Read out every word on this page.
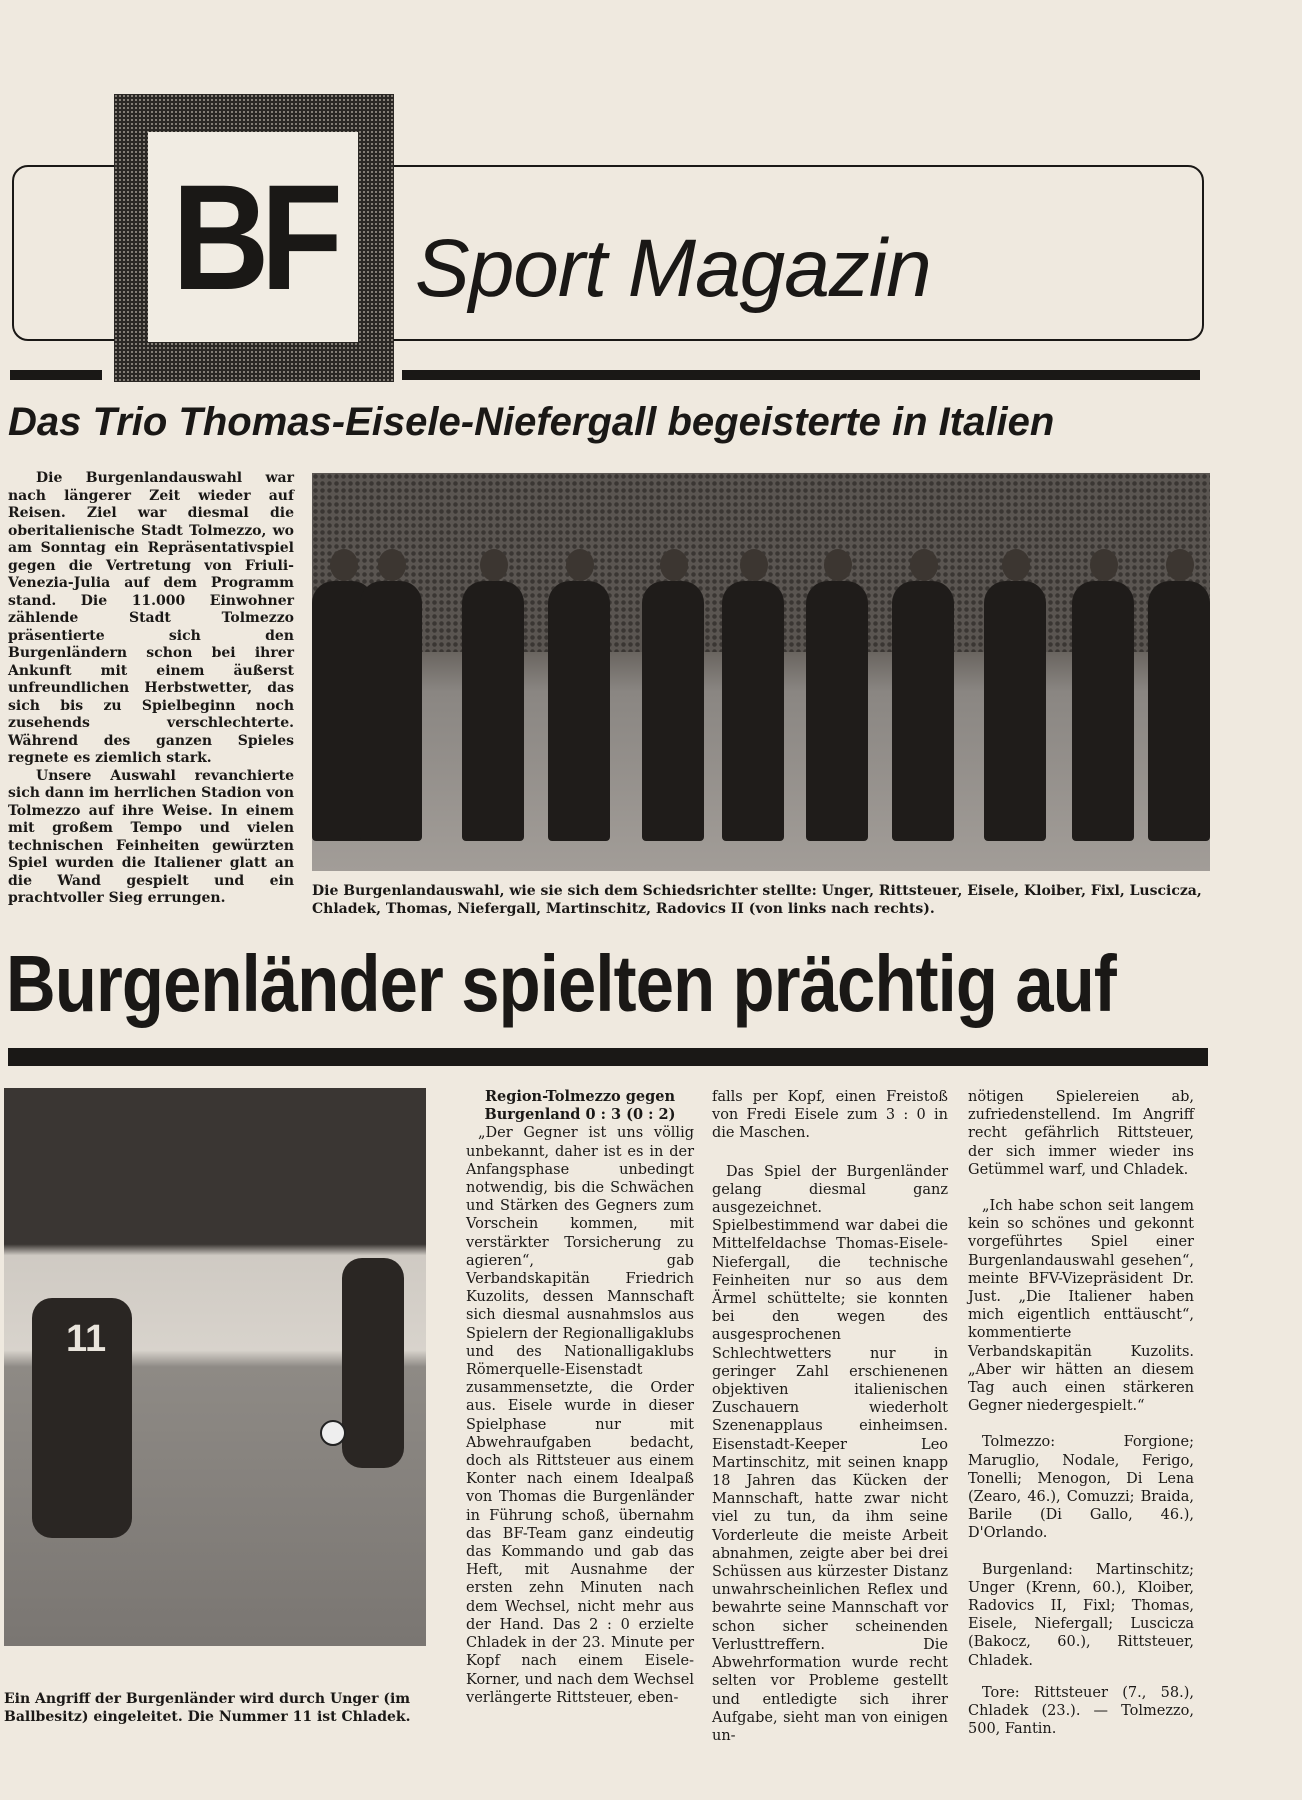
BF Sport Magazin
Das Trio Thomas-Eisele-Niefergall begeisterte in Italien

Die Burgenlandauswahl war nach längerer Zeit wieder auf Reisen. Ziel war diesmal die oberitalienische Stadt Tolmezzo, wo am Sonntag ein Repräsentativspiel gegen die Vertretung von Friuli-Venezia-Julia auf dem Programm stand. Die 11.000 Einwohner zählende Stadt Tolmezzo präsentierte sich den Burgenländern schon bei ihrer Ankunft mit einem äußerst unfreundlichen Herbstwetter, das sich bis zu Spielbeginn noch zusehends verschlechterte. Während des ganzen Spieles regnete es ziemlich stark.

Unsere Auswahl revanchierte sich dann im herrlichen Stadion von Tolmezzo auf ihre Weise. In einem mit großem Tempo und vielen technischen Feinheiten gewürzten Spiel wurden die Italiener glatt an die Wand gespielt und ein prachtvoller Sieg errungen.	Die Burgenlandauswahl, wie sie sich dem Schiedsrichter stellte: Unger, Rittsteuer, Eisele, Kloiber, Fixl, Luscicza, Chladek, Thomas, Niefergall, Martinschitz, Radovics II (von links nach rechts).
Burgenländer spielten prächtig auf
11
Ein Angriff der Burgenländer wird durch Unger (im Ballbesitz) eingeleitet. Die Nummer 11 ist Chladek.

Region-Tolmezzo gegen

Burgenland 0 : 3 (0 : 2)

„Der Gegner ist uns völlig unbekannt, daher ist es in der Anfangsphase unbedingt notwendig, bis die Schwächen und Stärken des Gegners zum Vorschein kommen, mit verstärkter Torsicherung zu agieren“, gab Verbandskapitän Friedrich Kuzolits, dessen Mannschaft sich diesmal ausnahmslos aus Spielern der Regionalligaklubs und des Nationalligaklubs Römerquelle-Eisenstadt zusammensetzte, die Order aus. Eisele wurde in dieser Spielphase nur mit Abwehraufgaben bedacht, doch als Rittsteuer aus einem Konter nach einem Idealpaß von Thomas die Burgenländer in Führung schoß, übernahm das BF-Team ganz eindeutig das Kommando und gab das Heft, mit Ausnahme der ersten zehn Minuten nach dem Wechsel, nicht mehr aus der Hand. Das 2 : 0 erzielte Chladek in der 23. Minute per Kopf nach einem Eisele-Korner, und nach dem Wechsel verlängerte Rittsteuer, eben-

falls per Kopf, einen Freistoß von Fredi Eisele zum 3 : 0 in die Maschen.

Das Spiel der Burgenländer gelang diesmal ganz ausgezeichnet. Spielbestimmend war dabei die Mittelfeldachse Thomas-Eisele-Niefergall, die technische Feinheiten nur so aus dem Ärmel schüttelte; sie konnten bei den wegen des ausgesprochenen Schlechtwetters nur in geringer Zahl erschienenen objektiven italienischen Zuschauern wiederholt Szenenapplaus einheimsen. Eisenstadt-Keeper Leo Martinschitz, mit seinen knapp 18 Jahren das Kücken der Mannschaft, hatte zwar nicht viel zu tun, da ihm seine Vorderleute die meiste Arbeit abnahmen, zeigte aber bei drei Schüssen aus kürzester Distanz unwahrscheinlichen Reflex und bewahrte seine Mannschaft vor schon sicher scheinenden Verlusttreffern. Die Abwehrformation wurde recht selten vor Probleme gestellt und entledigte sich ihrer Aufgabe, sieht man von einigen un-

nötigen Spielereien ab, zufriedenstellend. Im Angriff recht gefährlich Rittsteuer, der sich immer wieder ins Getümmel warf, und Chladek.

„Ich habe schon seit langem kein so schönes und gekonnt vorgeführtes Spiel einer Burgenlandauswahl gesehen“, meinte BFV-Vizepräsident Dr. Just. „Die Italiener haben mich eigentlich enttäuscht“, kommentierte Verbandskapitän Kuzolits. „Aber wir hätten an diesem Tag auch einen stärkeren Gegner niedergespielt.“

Tolmezzo: Forgione; Maruglio, Nodale, Ferigo, Tonelli; Menogon, Di Lena (Zearo, 46.), Comuzzi; Braida, Barile (Di Gallo, 46.), D'Orlando.

Burgenland: Martinschitz; Unger (Krenn, 60.), Kloiber, Radovics II, Fixl; Thomas, Eisele, Niefergall; Luscicza (Bakocz, 60.), Rittsteuer, Chladek.

Tore: Rittsteuer (7., 58.), Chladek (23.). — Tolmezzo, 500, Fantin.
